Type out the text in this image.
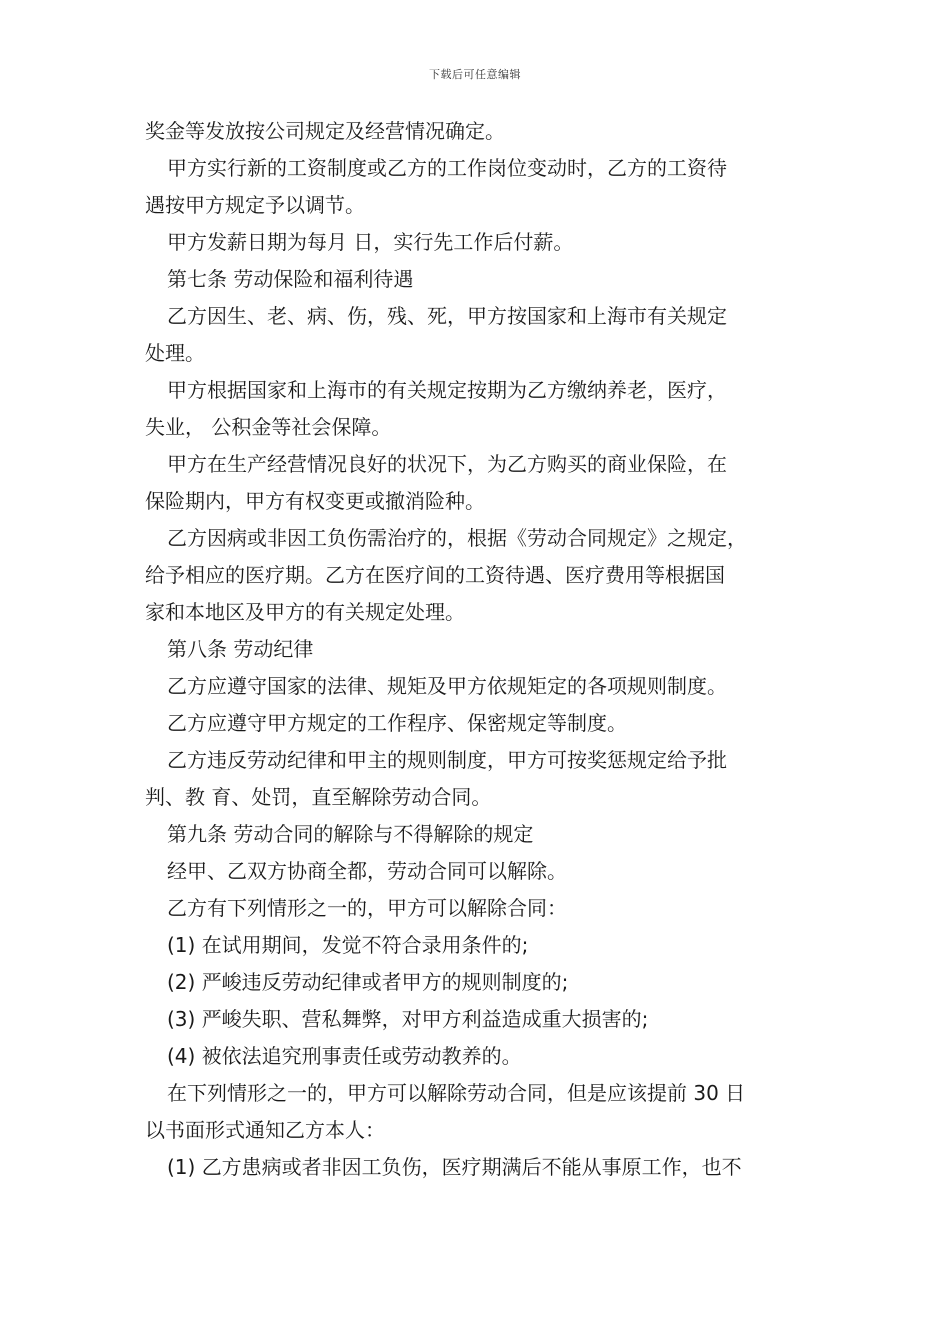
下载后可任意编辑
奖金等发放按公司规定及经营情况确定。
甲方实行新的工资制度或乙方的工作岗位变动时，乙方的工资待
遇按甲方规定予以调节。
甲方发薪日期为每月 日，实行先工作后付薪。
第七条 劳动保险和福利待遇
乙方因生、老、病、伤，残、死，甲方按国家和上海市有关规定
处理。
甲方根据国家和上海市的有关规定按期为乙方缴纳养老，医疗，
失业， 公积金等社会保障。
甲方在生产经营情况良好的状况下，为乙方购买的商业保险，在
保险期内，甲方有权变更或撤消险种。
乙方因病或非因工负伤需治疗的，根据《劳动合同规定》之规定，
给予相应的医疗期。乙方在医疗间的工资待遇、医疗费用等根据国
家和本地区及甲方的有关规定处理。
第八条 劳动纪律
乙方应遵守国家的法律、规矩及甲方依规矩定的各项规则制度。
乙方应遵守甲方规定的工作程序、保密规定等制度。
乙方违反劳动纪律和甲主的规则制度，甲方可按奖惩规定给予批
判、教 育、处罚，直至解除劳动合同。
第九条 劳动合同的解除与不得解除的规定
经甲、乙双方协商全都，劳动合同可以解除。
乙方有下列情形之一的，甲方可以解除合同：
(1) 在试用期间，发觉不符合录用条件的;
(2) 严峻违反劳动纪律或者甲方的规则制度的;
(3) 严峻失职、营私舞弊，对甲方利益造成重大损害的;
(4) 被依法追究刑事责任或劳动教养的。
在下列情形之一的，甲方可以解除劳动合同，但是应该提前 30 日
以书面形式通知乙方本人：
(1) 乙方患病或者非因工负伤，医疗期满后不能从事原工作，也不
